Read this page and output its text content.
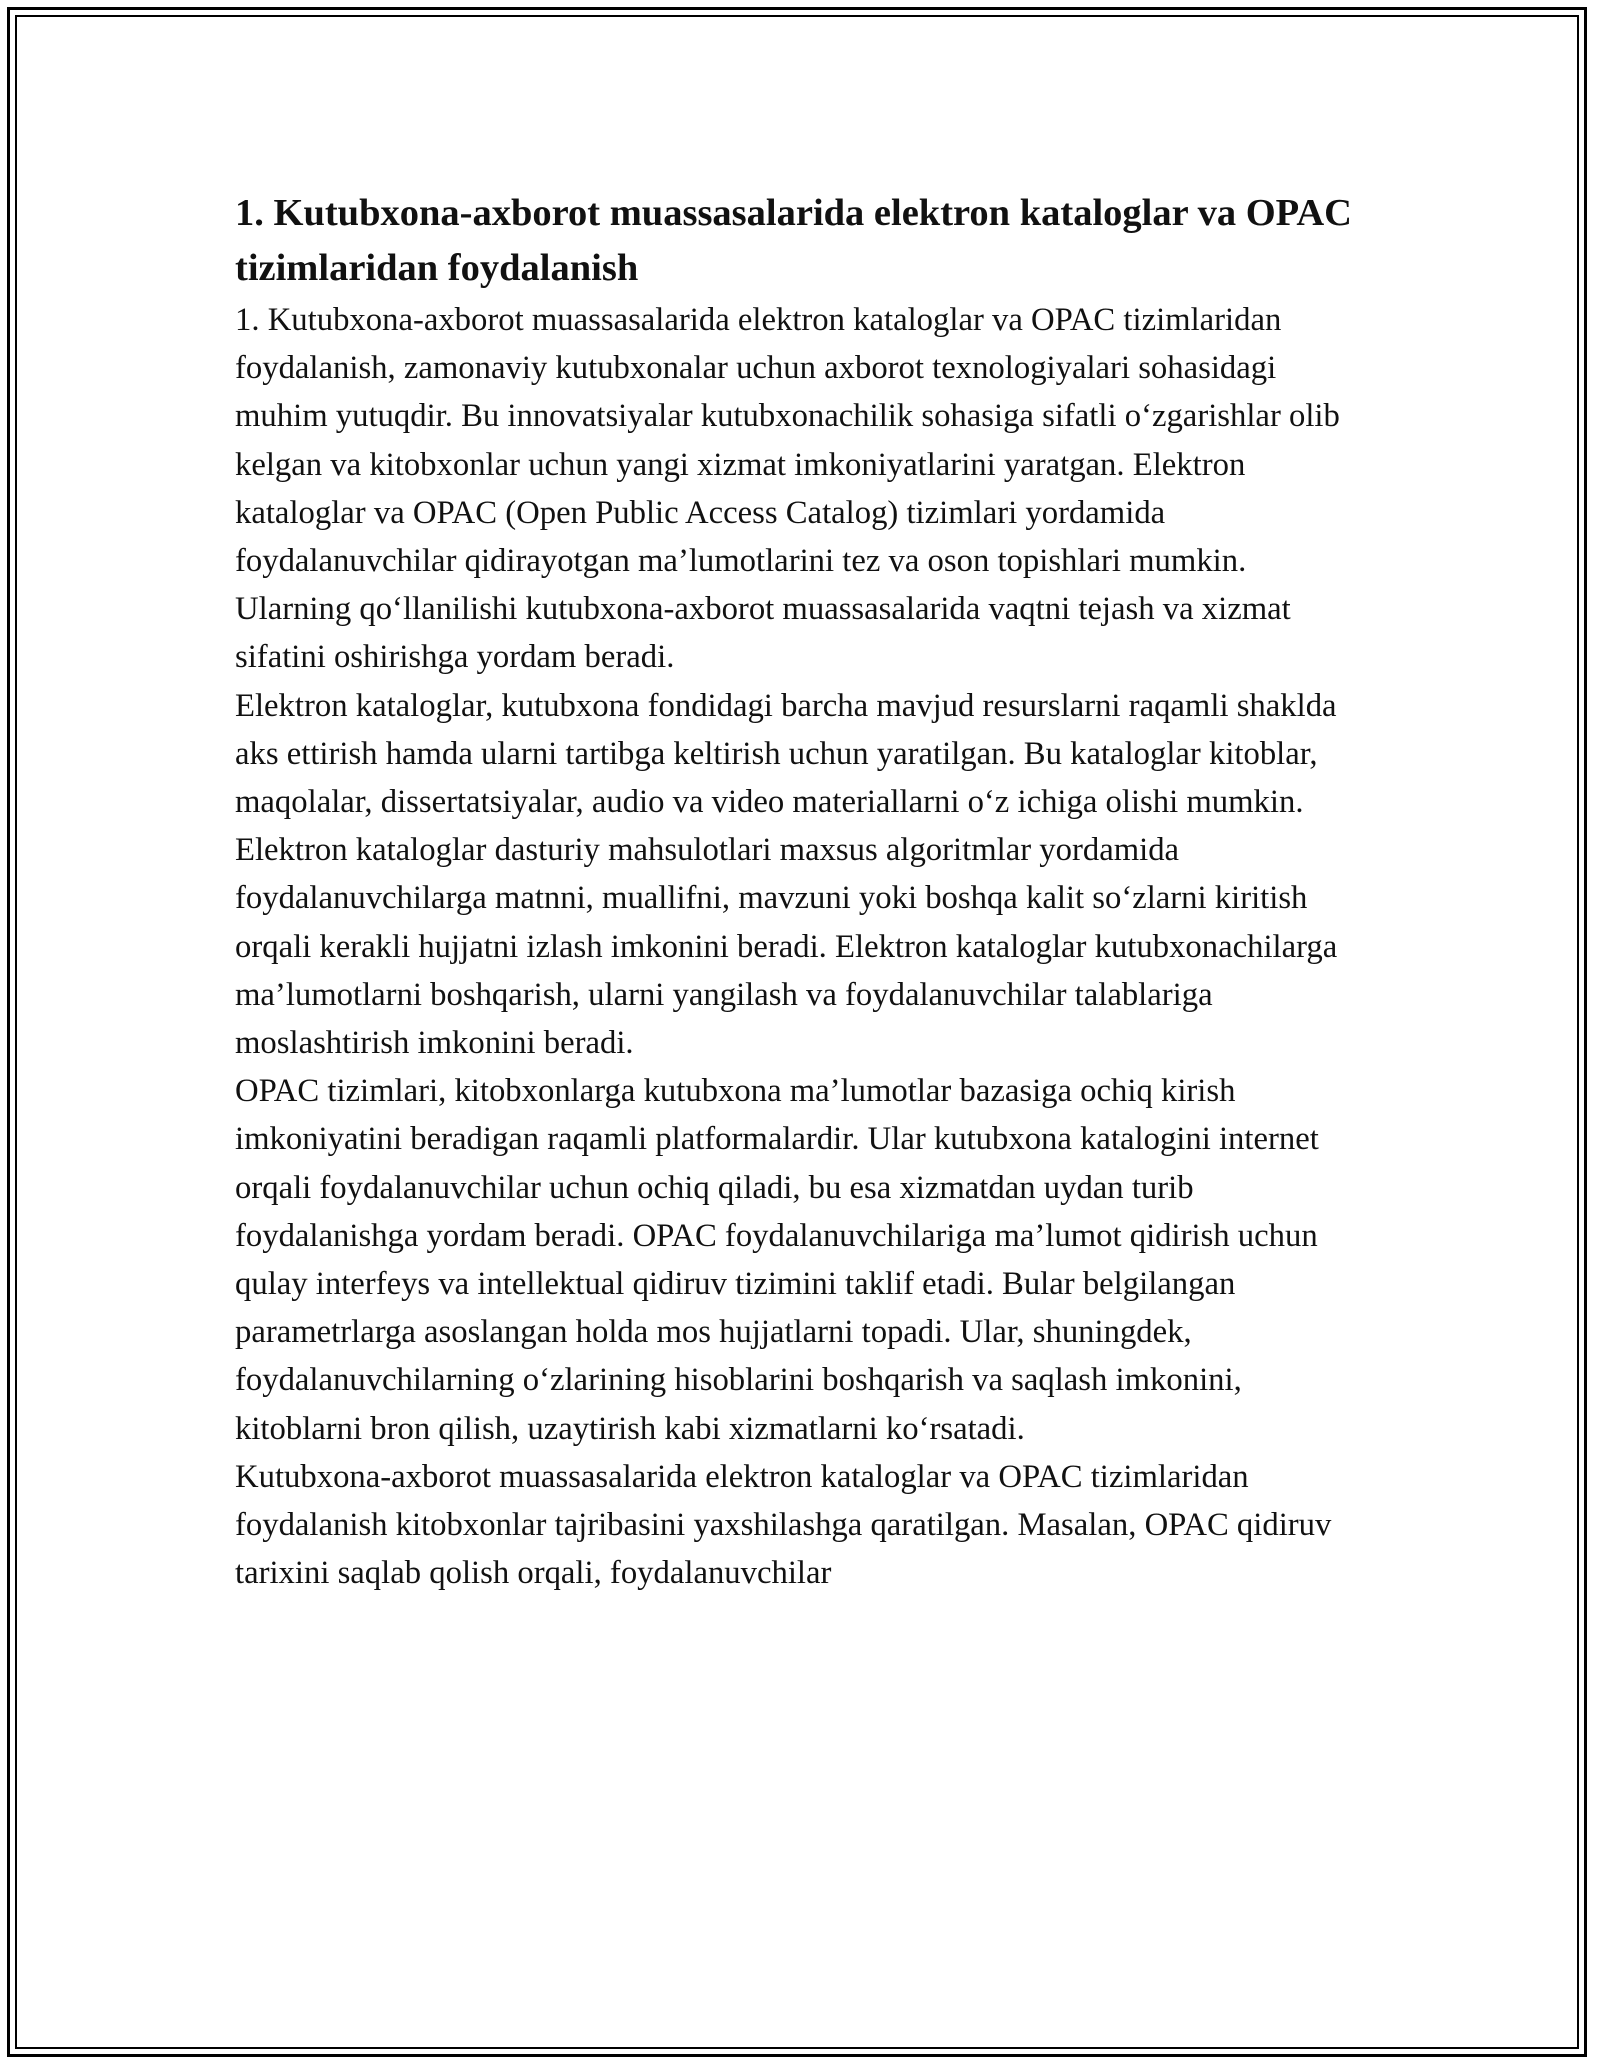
1. Kutubxona-axborot muassasalarida elektron kataloglar va OPAC tizimlaridan foydalanish

1. Kutubxona-axborot muassasalarida elektron kataloglar va OPAC tizimlaridan foydalanish, zamonaviy kutubxonalar uchun axborot texnologiyalari sohasidagi muhim yutuqdir. Bu innovatsiyalar kutubxonachilik sohasiga sifatli o‘zgarishlar olib kelgan va kitobxonlar uchun yangi xizmat imkoniyatlarini yaratgan. Elektron kataloglar va OPAC (Open Public Access Catalog) tizimlari yordamida foydalanuvchilar qidirayotgan ma’lumotlarini tez va oson topishlari mumkin. Ularning qo‘llanilishi kutubxona-axborot muassasalarida vaqtni tejash va xizmat sifatini oshirishga yordam beradi.

Elektron kataloglar, kutubxona fondidagi barcha mavjud resurslarni raqamli shaklda aks ettirish hamda ularni tartibga keltirish uchun yaratilgan. Bu kataloglar kitoblar, maqolalar, dissertatsiyalar, audio va video materiallarni o‘z ichiga olishi mumkin. Elektron kataloglar dasturiy mahsulotlari maxsus algoritmlar yordamida foydalanuvchilarga matnni, muallifni, mavzuni yoki boshqa kalit so‘zlarni kiritish orqali kerakli hujjatni izlash imkonini beradi. Elektron kataloglar kutubxonachilarga ma’lumotlarni boshqarish, ularni yangilash va foydalanuvchilar talablariga moslashtirish imkonini beradi.

OPAC tizimlari, kitobxonlarga kutubxona ma’lumotlar bazasiga ochiq kirish imkoniyatini beradigan raqamli platformalardir. Ular kutubxona katalogini internet orqali foydalanuvchilar uchun ochiq qiladi, bu esa xizmatdan uydan turib foydalanishga yordam beradi. OPAC foydalanuvchilariga ma’lumot qidirish uchun qulay interfeys va intellektual qidiruv tizimini taklif etadi. Bular belgilangan parametrlarga asoslangan holda mos hujjatlarni topadi. Ular, shuningdek, foydalanuvchilarning o‘zlarining hisoblarini boshqarish va saqlash imkonini, kitoblarni bron qilish, uzaytirish kabi xizmatlarni ko‘rsatadi.

Kutubxona-axborot muassasalarida elektron kataloglar va OPAC tizimlaridan foydalanish kitobxonlar tajribasini yaxshilashga qaratilgan. Masalan, OPAC qidiruv tarixini saqlab qolish orqali, foydalanuvchilar
